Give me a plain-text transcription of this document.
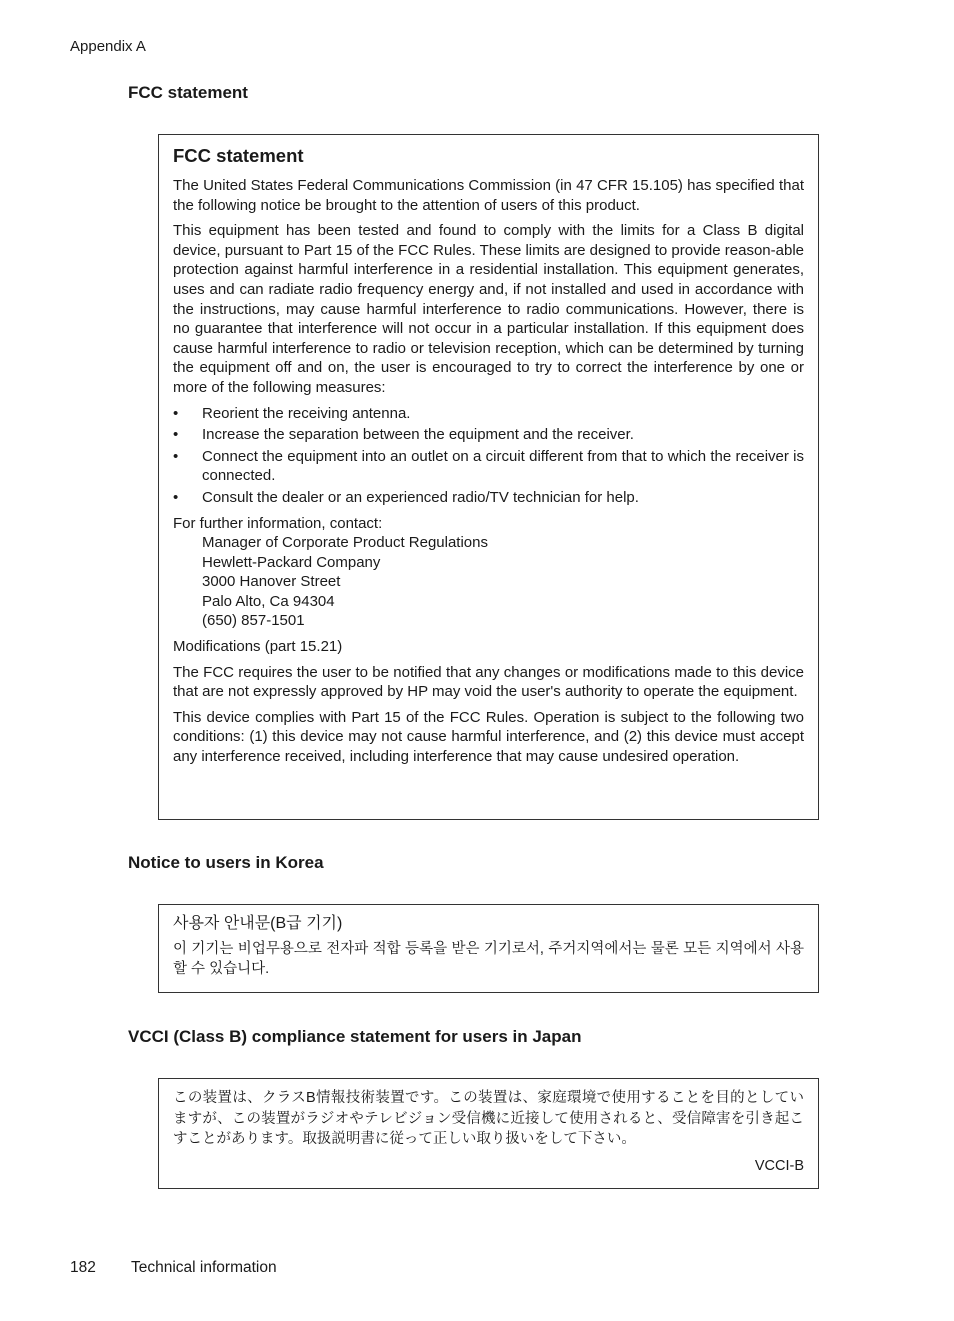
Appendix A
FCC statement
FCC statement

The United States Federal Communications Commission (in 47 CFR 15.105) has specified that the following notice be brought to the attention of users of this product.

This equipment has been tested and found to comply with the limits for a Class B digital device, pursuant to Part 15 of the FCC Rules. These limits are designed to provide reason-able protection against harmful interference in a residential installation. This equipment generates, uses and can radiate radio frequency energy and, if not installed and used in accordance with the instructions, may cause harmful interference to radio communications. However, there is no guarantee that interference will not occur in a particular installation. If this equipment does cause harmful interference to radio or television reception, which can be determined by turning the equipment off and on, the user is encouraged to try to correct the interference by one or more of the following measures:

• Reorient the receiving antenna.
• Increase the separation between the equipment and the receiver.
• Connect the equipment into an outlet on a circuit different from that to which the receiver is connected.
• Consult the dealer or an experienced radio/TV technician for help.

For further information, contact:
Manager of Corporate Product Regulations
Hewlett-Packard Company
3000 Hanover Street
Palo Alto, Ca 94304
(650) 857-1501

Modifications (part 15.21)

The FCC requires the user to be notified that any changes or modifications made to this device that are not expressly approved by HP may void the user's authority to operate the equipment.

This device complies with Part 15 of the FCC Rules. Operation is subject to the following two conditions: (1) this device may not cause harmful interference, and (2) this device must accept any interference received, including interference that may cause undesired operation.

Notice to users in Korea
사용자 안내문(B급 기기)

이 기기는 비업무용으로 전자파 적합 등록을 받은 기기로서, 주거지역에서는 물론 모든 지역에서 사용할 수 있습니다.

VCCI (Class B) compliance statement for users in Japan

この装置は、クラスB情報技術装置です。この装置は、家庭環境で使用することを目的としていますが、この装置がラジオやテレビジョン受信機に近接して使用されると、受信障害を引き起こすことがあります。取扱説明書に従って正しい取り扱いをして下さい。

VCCI-B
182 Technical information
